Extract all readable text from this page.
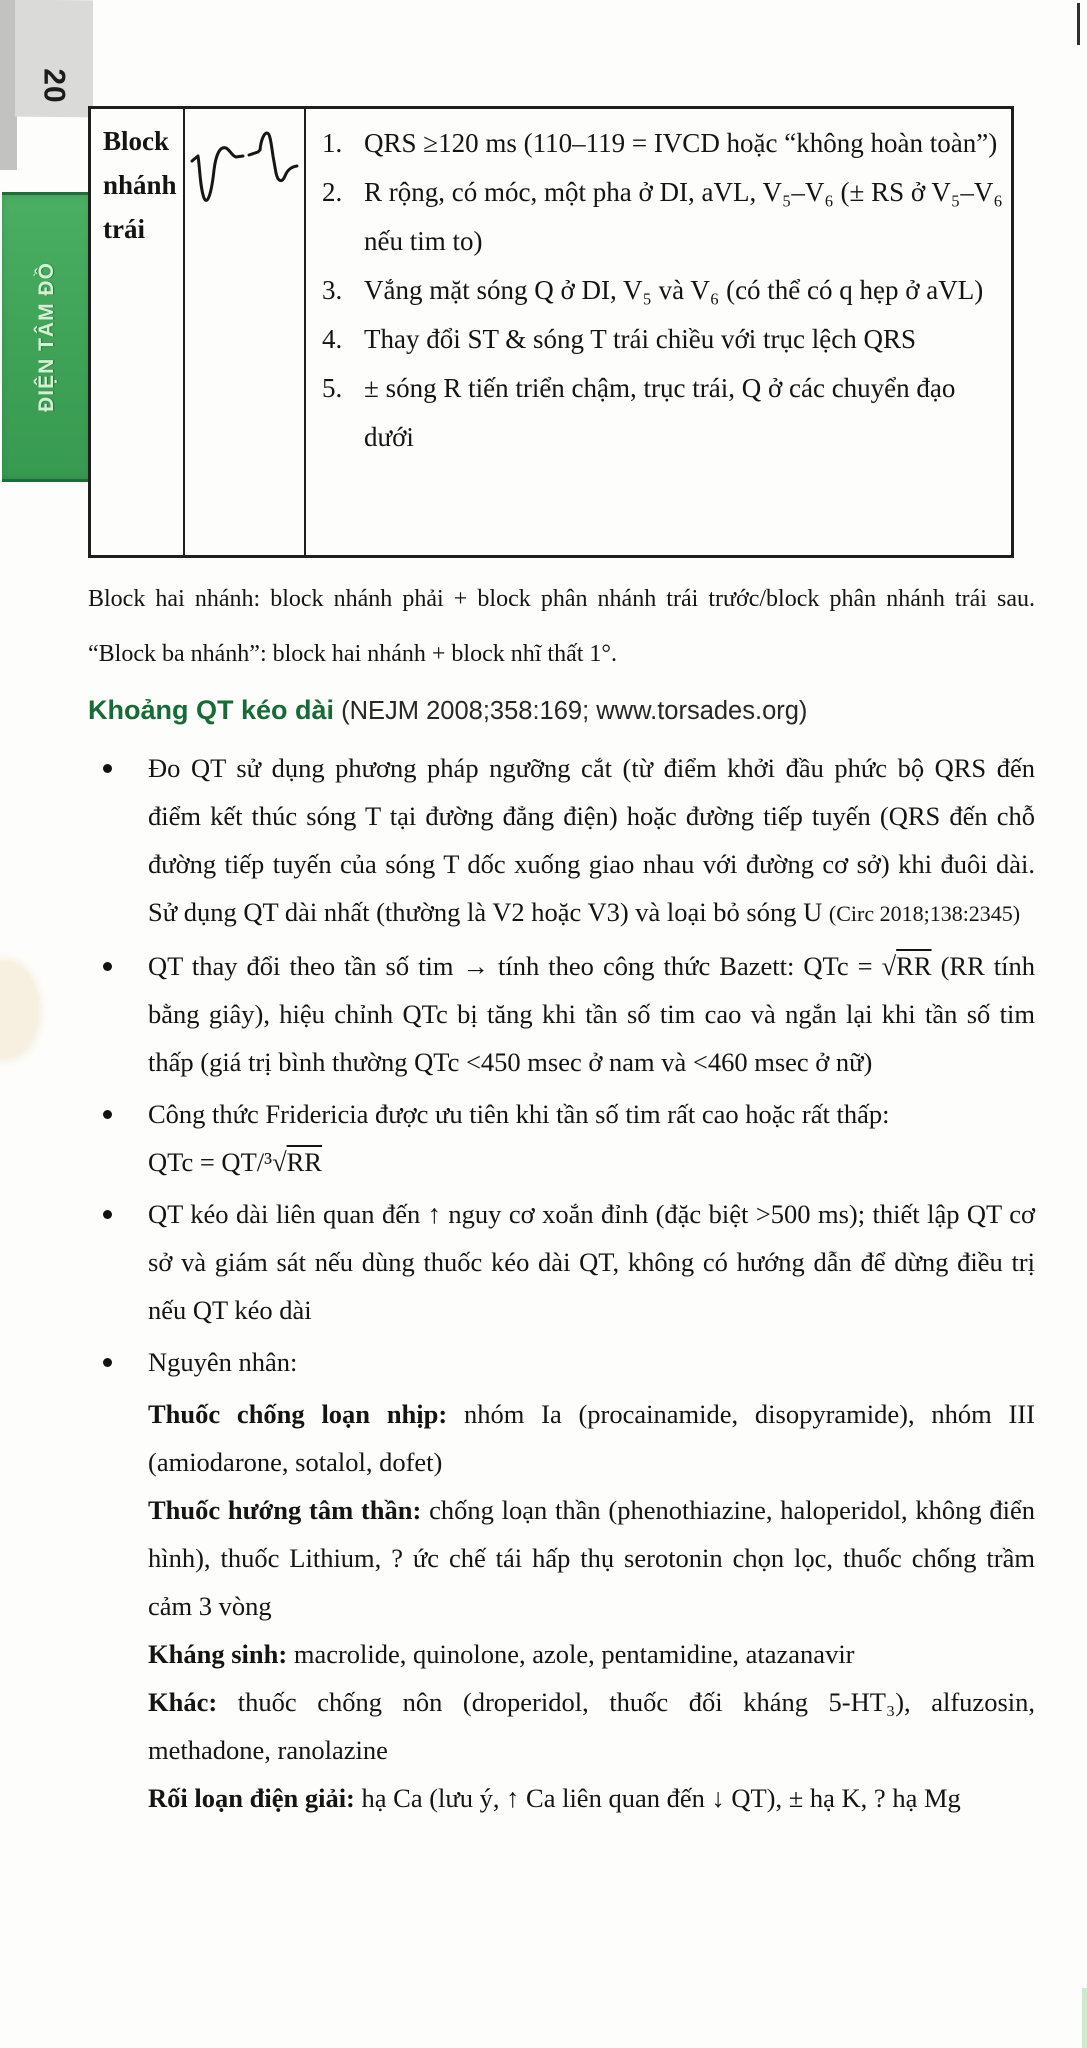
20
ĐIỆN TÂM ĐỒ
Block nhánh trái
QRS ≥120 ms (110–119 = IVCD hoặc “không hoàn toàn”)
R rộng, có móc, một pha ở DI, aVL, V₅–V₆ (± RS ở V₅–V₆ nếu tim to)
Vắng mặt sóng Q ở DI, V₅ và V₆ (có thể có q hẹp ở aVL)
Thay đổi ST & sóng T trái chiều với trục lệch QRS
± sóng R tiến triển chậm, trục trái, Q ở các chuyển đạo dưới

Block hai nhánh: block nhánh phải + block phân nhánh trái trước/block phân nhánh trái sau. “Block ba nhánh”: block hai nhánh + block nhĩ thất 1°.

Khoảng QT kéo dài (NEJM 2008;358:169; www.torsades.org)
Đo QT sử dụng phương pháp ngưỡng cắt (từ điểm khởi đầu phức bộ QRS đến điểm kết thúc sóng T tại đường đẳng điện) hoặc đường tiếp tuyến (QRS đến chỗ đường tiếp tuyến của sóng T dốc xuống giao nhau với đường cơ sở) khi đuôi dài. Sử dụng QT dài nhất (thường là V2 hoặc V3) và loại bỏ sóng U (Circ 2018;138:2345)
QT thay đổi theo tần số tim → tính theo công thức Bazett: QTc = √RR (RR tính bằng giây), hiệu chỉnh QTc bị tăng khi tần số tim cao và ngắn lại khi tần số tim thấp (giá trị bình thường QTc <450 msec ở nam và <460 msec ở nữ)
Công thức Fridericia được ưu tiên khi tần số tim rất cao hoặc rất thấp:
QTc = QT/³√RR
QT kéo dài liên quan đến ↑ nguy cơ xoắn đỉnh (đặc biệt >500 ms); thiết lập QT cơ sở và giám sát nếu dùng thuốc kéo dài QT, không có hướng dẫn để dừng điều trị nếu QT kéo dài
Nguyên nhân:

Thuốc chống loạn nhịp: nhóm Ia (procainamide, disopyramide), nhóm III (amiodarone, sotalol, dofet)

Thuốc hướng tâm thần: chống loạn thần (phenothiazine, haloperidol, không điển hình), thuốc Lithium, ? ức chế tái hấp thụ serotonin chọn lọc, thuốc chống trầm cảm 3 vòng

Kháng sinh: macrolide, quinolone, azole, pentamidine, atazanavir

Khác: thuốc chống nôn (droperidol, thuốc đối kháng 5-HT₃), alfuzosin, methadone, ranolazine

Rối loạn điện giải: hạ Ca (lưu ý, ↑ Ca liên quan đến ↓ QT), ± hạ K, ? hạ Mg
